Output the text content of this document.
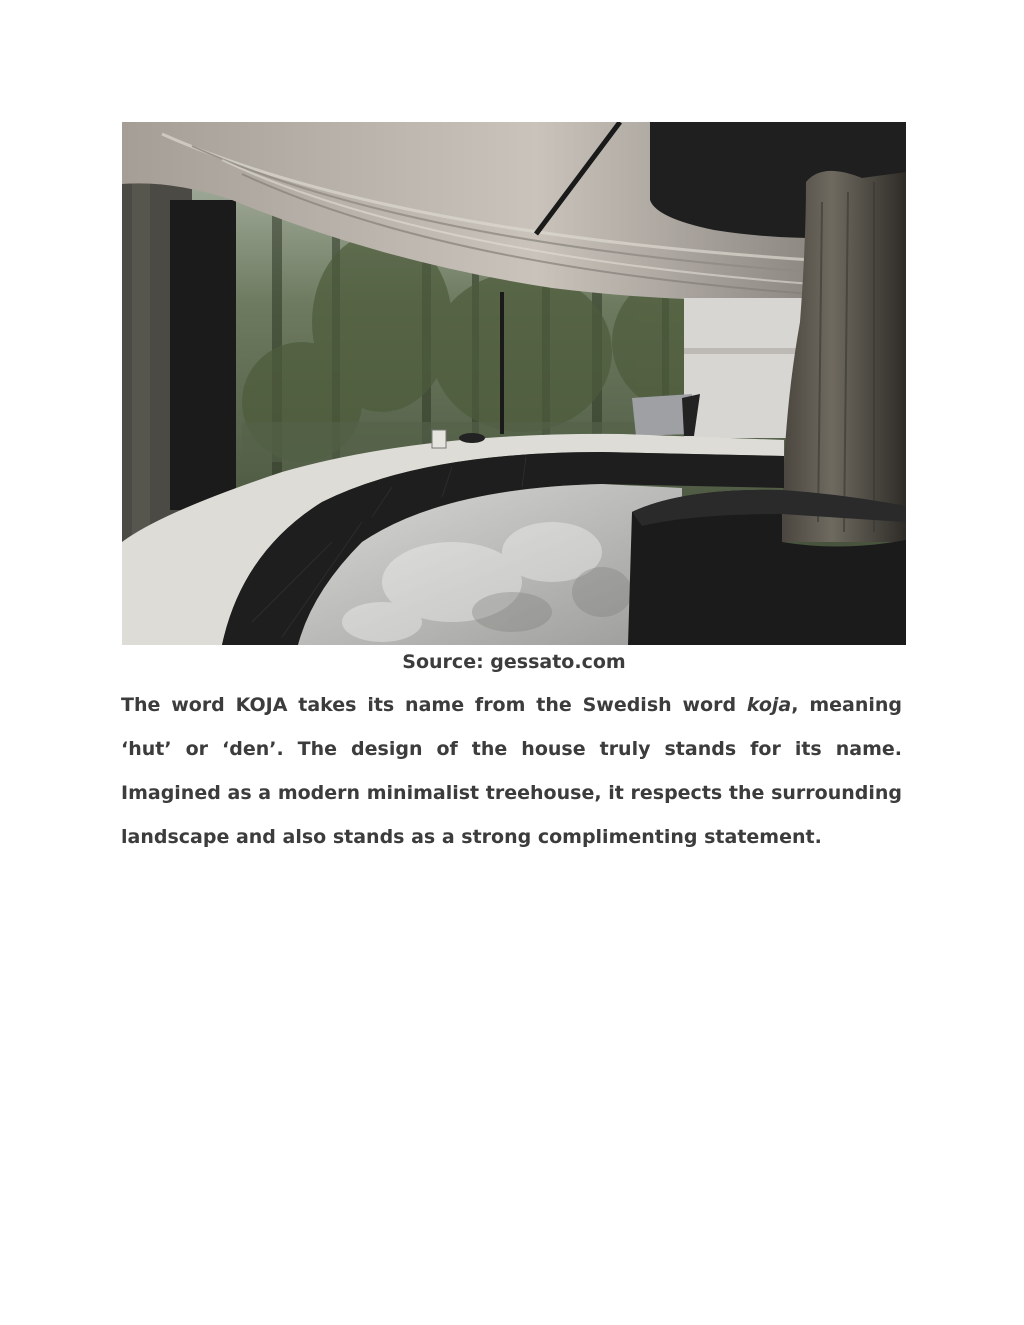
Source: gessato.com

The word KOJA takes its name from the Swedish word koja, meaning ‘hut’ or ‘den’. The design of the house truly stands for its name. Imagined as a modern minimalist treehouse, it respects the surrounding landscape and also stands as a strong complimenting statement.
